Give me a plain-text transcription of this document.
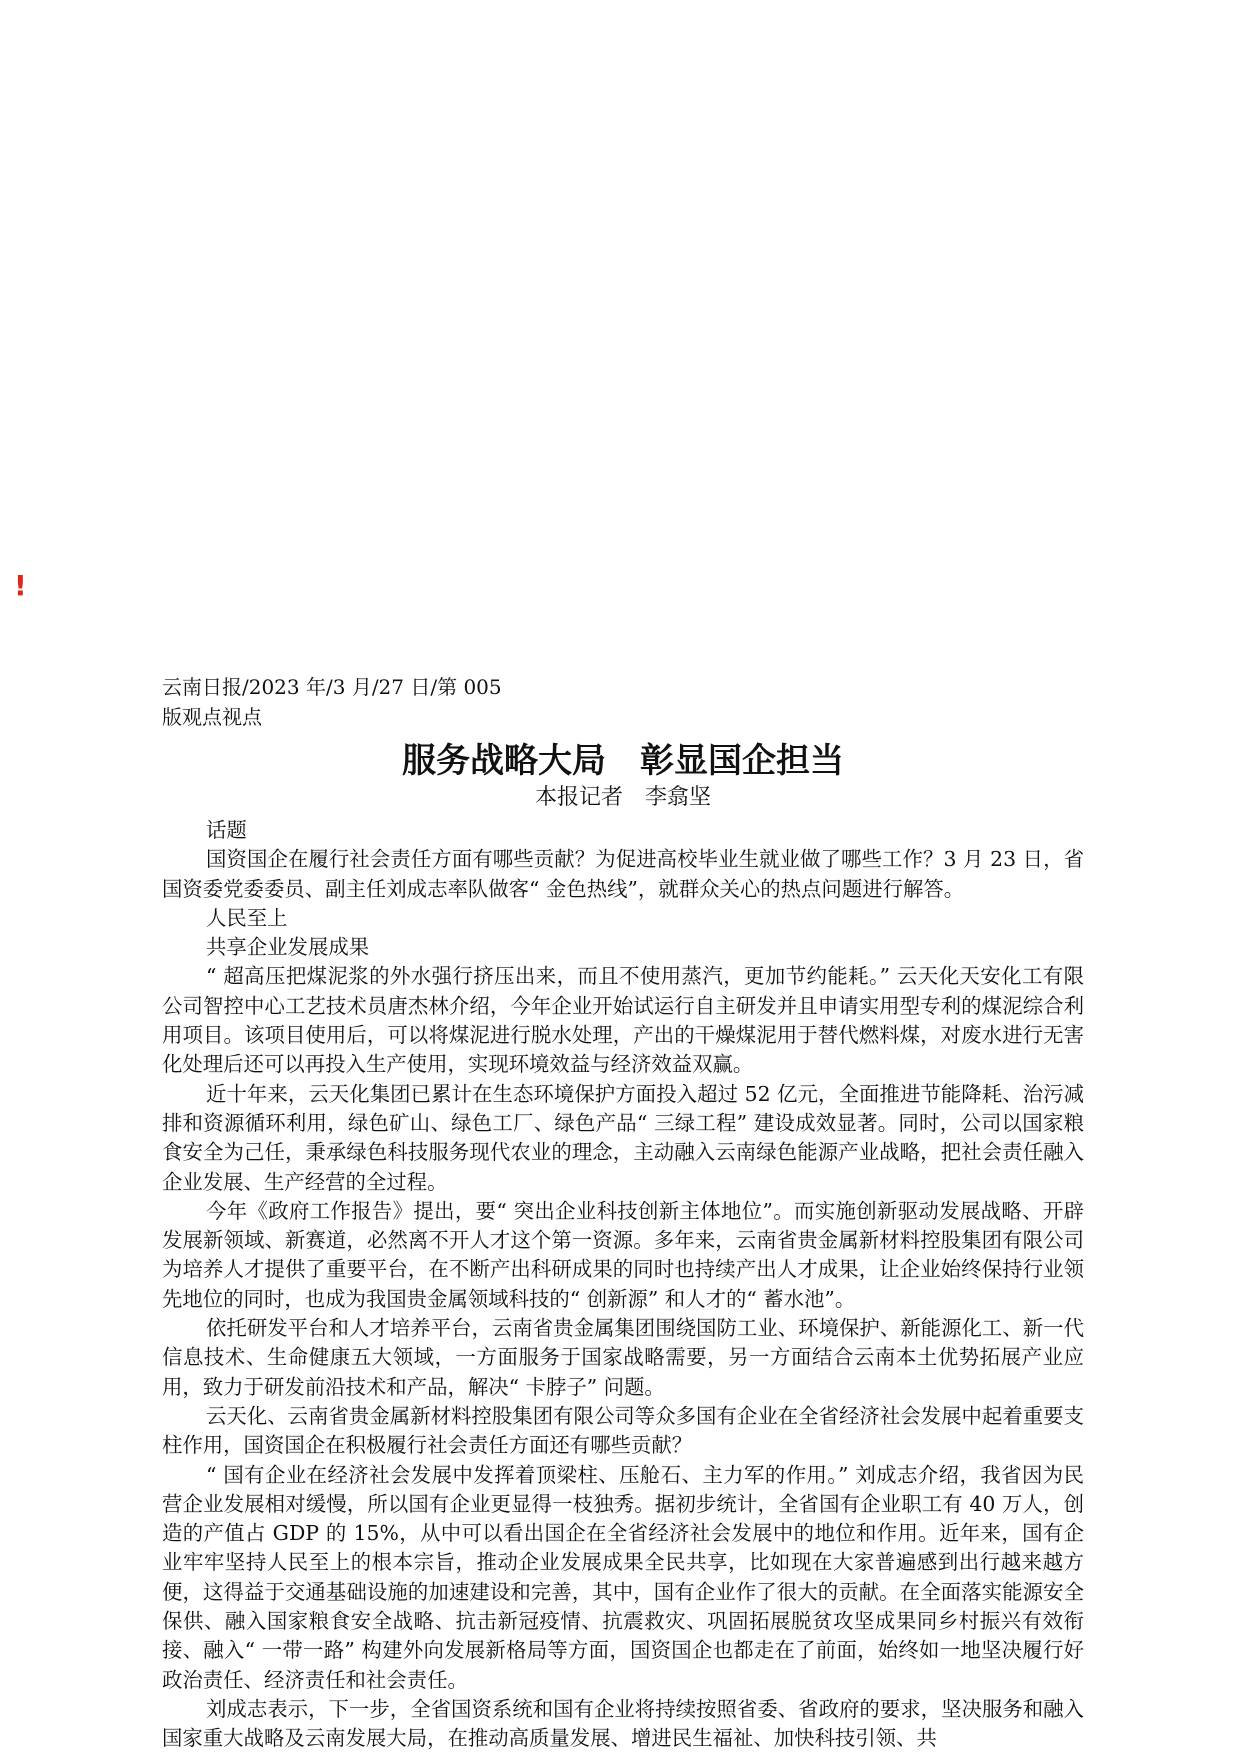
!

云南日报/2023 年/3 月/27 日/第 005

版观点视点

服务战略大局　彰显国企担当

本报记者　李翕坚

话题

国资国企在履行社会责任方面有哪些贡献？为促进高校毕业生就业做了哪些工作？3 月 23 日，省国资委党委委员、副主任刘成志率队做客“ 金色热线”，就群众关心的热点问题进行解答。

人民至上

共享企业发展成果

“ 超高压把煤泥浆的外水强行挤压出来，而且不使用蒸汽，更加节约能耗。” 云天化天安化工有限公司智控中心工艺技术员唐杰林介绍，今年企业开始试运行自主研发并且申请实用型专利的煤泥综合利用项目。该项目使用后，可以将煤泥进行脱水处理，产出的干燥煤泥用于替代燃料煤，对废水进行无害化处理后还可以再投入生产使用，实现环境效益与经济效益双赢。

近十年来，云天化集团已累计在生态环境保护方面投入超过 52 亿元，全面推进节能降耗、治污减排和资源循环利用，绿色矿山、绿色工厂、绿色产品“ 三绿工程” 建设成效显著。同时，公司以国家粮食安全为己任，秉承绿色科技服务现代农业的理念，主动融入云南绿色能源产业战略，把社会责任融入企业发展、生产经营的全过程。

今年《政府工作报告》提出，要“ 突出企业科技创新主体地位”。而实施创新驱动发展战略、开辟发展新领域、新赛道，必然离不开人才这个第一资源。多年来，云南省贵金属新材料控股集团有限公司为培养人才提供了重要平台，在不断产出科研成果的同时也持续产出人才成果，让企业始终保持行业领先地位的同时，也成为我国贵金属领域科技的“ 创新源” 和人才的“ 蓄水池”。

依托研发平台和人才培养平台，云南省贵金属集团围绕国防工业、环境保护、新能源化工、新一代信息技术、生命健康五大领域，一方面服务于国家战略需要，另一方面结合云南本土优势拓展产业应用，致力于研发前沿技术和产品，解决“ 卡脖子” 问题。

云天化、云南省贵金属新材料控股集团有限公司等众多国有企业在全省经济社会发展中起着重要支柱作用，国资国企在积极履行社会责任方面还有哪些贡献？

“ 国有企业在经济社会发展中发挥着顶梁柱、压舱石、主力军的作用。” 刘成志介绍，我省因为民营企业发展相对缓慢，所以国有企业更显得一枝独秀。据初步统计，全省国有企业职工有 40 万人，创造的产值占 GDP 的 15%，从中可以看出国企在全省经济社会发展中的地位和作用。近年来，国有企业牢牢坚持人民至上的根本宗旨，推动企业发展成果全民共享，比如现在大家普遍感到出行越来越方便，这得益于交通基础设施的加速建设和完善，其中，国有企业作了很大的贡献。在全面落实能源安全保供、融入国家粮食安全战略、抗击新冠疫情、抗震救灾、巩固拓展脱贫攻坚成果同乡村振兴有效衔接、融入“ 一带一路” 构建外向发展新格局等方面，国资国企也都走在了前面，始终如一地坚决履行好政治责任、经济责任和社会责任。

刘成志表示，下一步，全省国资系统和国有企业将持续按照省委、省政府的要求，坚决服务和融入国家重大战略及云南发展大局，在推动高质量发展、增进民生福祉、加快科技引领、共
